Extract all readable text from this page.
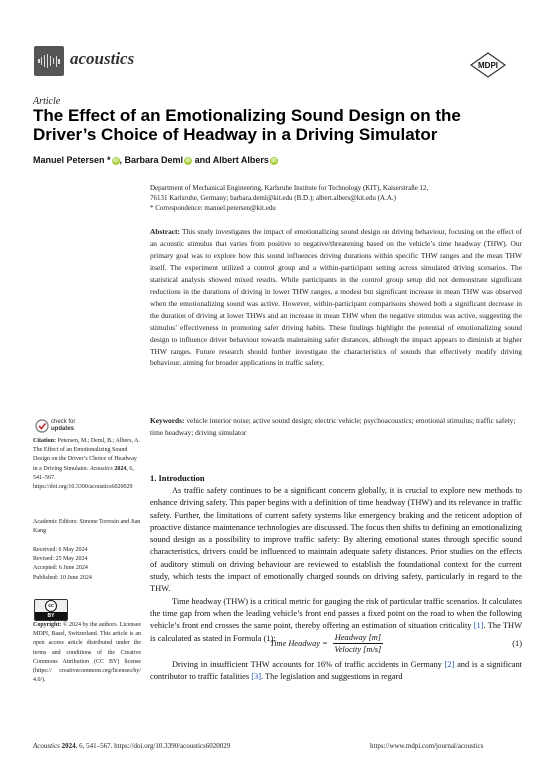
acoustics	MDPI
Article
The Effect of an Emotionalizing Sound Design on the Driver’s Choice of Headway in a Driving Simulator
Manuel Petersen * iD , Barbara Deml iD and Albert Albers iD
Department of Mechanical Engineering, Karlsruhe Institute for Technology (KIT), Kaiserstraße 12,
76131 Karlsruhe, Germany; barbara.deml@kit.edu (B.D.); albert.albers@kit.edu (A.A.)
* Correspondence: manuel.petersen@kit.edu
Abstract: This study investigates the impact of emotionalizing sound design on driving behaviour, focusing on the effect of an acoustic stimulus that varies from positive to negative/threatening based on the vehicle’s time headway (THW). Our primary goal was to explore how this sound influences driving durations within specific THW ranges and the mean THW itself. The experiment utilized a control group and a within-participant setting across simulated driving scenarios. The statistical analysis showed mixed results. While participants in the control group setup did not demonstrate significant reductions in the durations of driving in lower THW ranges, a modest but significant increase in mean THW was observed when the emotionalizing sound was active. However, within-participant comparisons showed both a significant decrease in the duration of driving at lower THWs and an increase in mean THW when the negative stimulus was active, suggesting the stimulus’ effectiveness in promoting safer driving habits. These findings highlight the potential of emotionalizing sound design to influence driver behaviour towards maintaining safer distances, although the impact appears to diminish at higher THW ranges. Future research should further investigate the characteristics of sounds that effectively modify driving behaviour, aiming for broader applications in traffic safety.
Keywords: vehicle interior noise; active sound design; electric vehicle; psychoacoustics; emotional stimulus; traffic safety; time headway; driving simulator
check for
updates
Citation: Petersen, M.; Deml, B.; Albers, A. The Effect of an Emotionalizing Sound Design on the Driver’s Choice of Headway in a Driving Simulator. Acoustics 2024, 6, 541–567. https://doi.org/10.3390/acoustics6020029
Academic Editors: Simone Torresin and Jian Kang
Received: 6 May 2024
Revised: 25 May 2024
Accepted: 6 June 2024
Published: 10 June 2024
cc
BY
Copyright: © 2024 by the authors. Licensee MDPI, Basel, Switzerland. This article is an open access article distributed under the terms and conditions of the Creative Commons Attribution (CC BY) license (https:// creativecommons.org/licenses/by/ 4.0/).
1. Introduction

As traffic safety continues to be a significant concern globally, it is crucial to explore new methods to enhance driving safety. This paper begins with a definition of time headway (THW) and its relevance in traffic safety. Further, the limitations of current safety systems like emergency braking and the reticent adoption of proactive distance maintenance technologies are discussed. The focus then shifts to defining an emotionalizing sound design as a possibility to improve traffic safety: By altering emotional states through specific sound characteristics, drivers could be influenced to maintain adequate safety distances. Prior studies on the effects of auditory stimuli on driving behaviour are reviewed to establish the foundational context for the current study, which tests the impact of emotionally charged sounds on driving safety, particularly in regard to the THW.

Time headway (THW) is a critical metric for gauging the risk of particular traffic scenarios. It calculates the time gap from when the leading vehicle’s front end passes a fixed point on the road to when the following vehicle’s front end crosses the same point, thereby offering an estimation of situation criticality [1]. The THW is calculated as stated in Formula (1):

Time Headway = $\frac{\text{Headway [m]}}{\text{Velocity [m/s]}}$	(1)

Driving in insufficient THW accounts for 16% of traffic accidents in Germany [2] and is a significant contributor to traffic fatalities [3]. The legislation and suggestions in regard

Acoustics 2024, 6, 541–567. https://doi.org/10.3390/acoustics6020029	https://www.mdpi.com/journal/acoustics
